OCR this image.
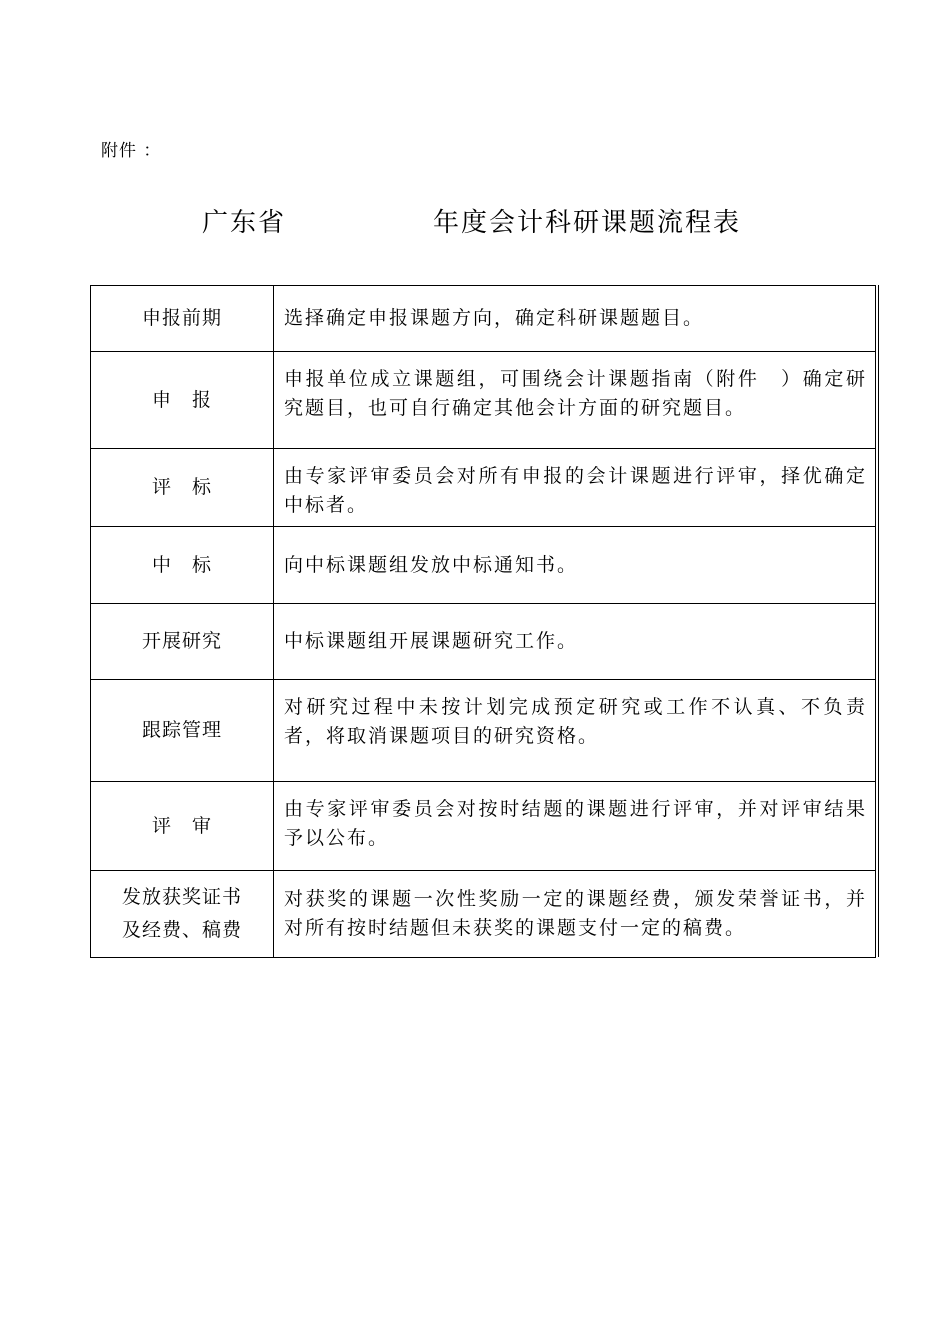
附件 ：
广东省	年度会计科研课题流程表
申报前期	选择确定申报课题方向，确定科研课题题目。
申　报	申报单位成立课题组，可围绕会计课题指南（附件　）确定研究题目，也可自行确定其他会计方面的研究题目。
评　标	由专家评审委员会对所有申报的会计课题进行评审，择优确定中标者。
中　标	向中标课题组发放中标通知书。
开展研究	中标课题组开展课题研究工作。
跟踪管理	对研究过程中未按计划完成预定研究或工作不认真、不负责者，将取消课题项目的研究资格。
评　审	由专家评审委员会对按时结题的课题进行评审，并对评审结果予以公布。

发放获奖证书
及经费、稿费	对获奖的课题一次性奖励一定的课题经费，颁发荣誉证书，并对所有按时结题但未获奖的课题支付一定的稿费。
